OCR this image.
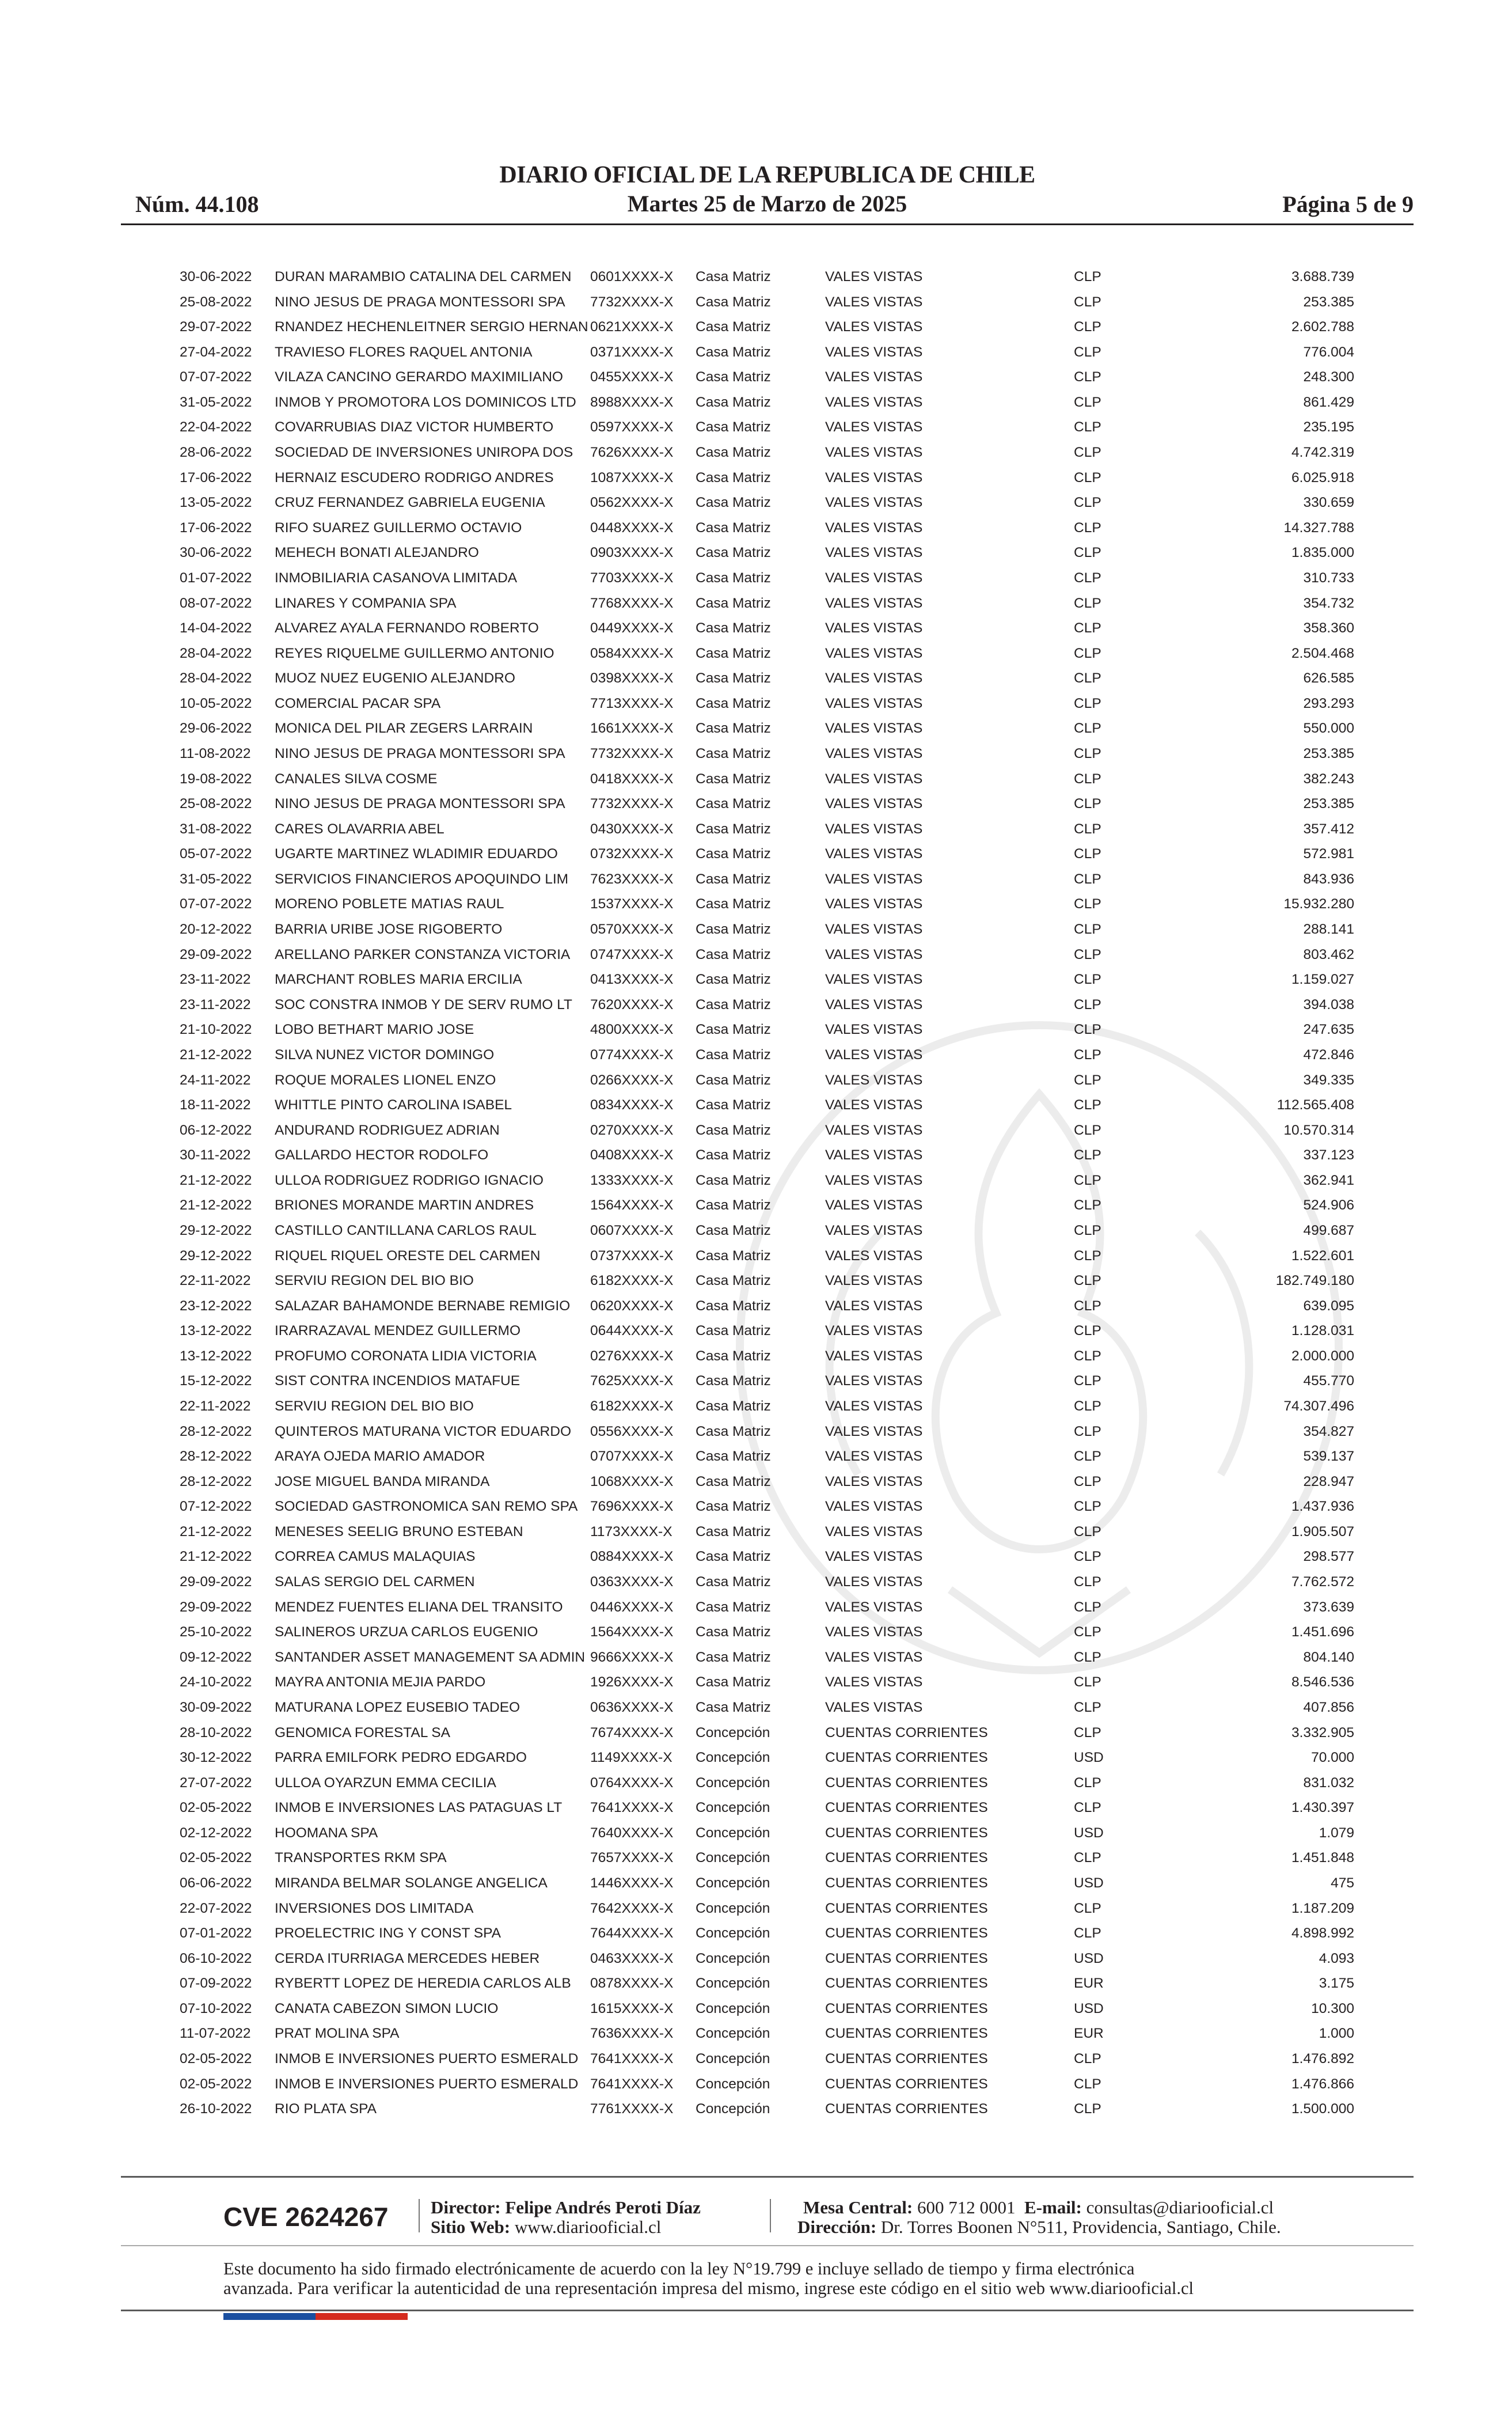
Núm. 44.108
DIARIO OFICIAL DE LA REPUBLICA DE CHILE
Martes 25 de Marzo de 2025	Página 5 de 9
30-06-2022 DURAN MARAMBIO CATALINA DEL CARMEN 0601XXXX-X Casa Matriz	VALES VISTAS	CLP	3.688.739
25-08-2022 NINO JESUS DE PRAGA MONTESSORI SPA 7732XXXX-X Casa Matriz	VALES VISTAS	CLP	253.385
29-07-2022 RNANDEZ HECHENLEITNER SERGIO HERNAN 0621XXXX-X Casa Matriz	VALES VISTAS	CLP	2.602.788
27-04-2022 TRAVIESO FLORES RAQUEL ANTONIA	0371XXXX-X Casa Matriz	VALES VISTAS	CLP	776.004
07-07-2022 VILAZA CANCINO GERARDO MAXIMILIANO 0455XXXX-X Casa Matriz	VALES VISTAS	CLP	248.300
31-05-2022 INMOB Y PROMOTORA LOS DOMINICOS LTD 8988XXXX-X Casa Matriz	VALES VISTAS	CLP	861.429
22-04-2022 COVARRUBIAS DIAZ VICTOR HUMBERTO	0597XXXX-X Casa Matriz	VALES VISTAS	CLP	235.195
28-06-2022 SOCIEDAD DE INVERSIONES UNIROPA DOS 7626XXXX-X Casa Matriz	VALES VISTAS	CLP	4.742.319
17-06-2022 HERNAIZ ESCUDERO RODRIGO ANDRES	1087XXXX-X Casa Matriz	VALES VISTAS	CLP	6.025.918
13-05-2022 CRUZ FERNANDEZ GABRIELA EUGENIA	0562XXXX-X Casa Matriz	VALES VISTAS	CLP	330.659
17-06-2022 RIFO SUAREZ GUILLERMO OCTAVIO	0448XXXX-X Casa Matriz	VALES VISTAS	CLP	14.327.788
30-06-2022 MEHECH BONATI ALEJANDRO	0903XXXX-X Casa Matriz	VALES VISTAS	CLP	1.835.000
01-07-2022 INMOBILIARIA CASANOVA LIMITADA	7703XXXX-X Casa Matriz	VALES VISTAS	CLP	310.733
08-07-2022 LINARES Y COMPANIA SPA	7768XXXX-X Casa Matriz	VALES VISTAS	CLP	354.732
14-04-2022 ALVAREZ AYALA FERNANDO ROBERTO	0449XXXX-X Casa Matriz	VALES VISTAS	CLP	358.360
28-04-2022 REYES RIQUELME GUILLERMO ANTONIO	0584XXXX-X Casa Matriz	VALES VISTAS	CLP	2.504.468
28-04-2022 MUOZ NUEZ EUGENIO ALEJANDRO	0398XXXX-X Casa Matriz	VALES VISTAS	CLP	626.585
10-05-2022 COMERCIAL PACAR SPA	7713XXXX-X Casa Matriz	VALES VISTAS	CLP	293.293
29-06-2022 MONICA DEL PILAR ZEGERS LARRAIN	1661XXXX-X Casa Matriz	VALES VISTAS	CLP	550.000
11-08-2022 NINO JESUS DE PRAGA MONTESSORI SPA 7732XXXX-X Casa Matriz	VALES VISTAS	CLP	253.385
19-08-2022 CANALES SILVA COSME	0418XXXX-X Casa Matriz	VALES VISTAS	CLP	382.243
25-08-2022 NINO JESUS DE PRAGA MONTESSORI SPA 7732XXXX-X Casa Matriz	VALES VISTAS	CLP	253.385
31-08-2022 CARES OLAVARRIA ABEL	0430XXXX-X Casa Matriz	VALES VISTAS	CLP	357.412
05-07-2022 UGARTE MARTINEZ WLADIMIR EDUARDO 0732XXXX-X Casa Matriz	VALES VISTAS	CLP	572.981
31-05-2022 SERVICIOS FINANCIEROS APOQUINDO LIM 7623XXXX-X Casa Matriz	VALES VISTAS	CLP	843.936
07-07-2022 MORENO POBLETE MATIAS RAUL	1537XXXX-X Casa Matriz	VALES VISTAS	CLP	15.932.280
20-12-2022 BARRIA URIBE JOSE RIGOBERTO	0570XXXX-X Casa Matriz	VALES VISTAS	CLP	288.141
29-09-2022 ARELLANO PARKER CONSTANZA VICTORIA 0747XXXX-X Casa Matriz	VALES VISTAS	CLP	803.462
23-11-2022 MARCHANT ROBLES MARIA ERCILIA	0413XXXX-X Casa Matriz	VALES VISTAS	CLP	1.159.027
23-11-2022 SOC CONSTRA INMOB Y DE SERV RUMO LT 7620XXXX-X Casa Matriz	VALES VISTAS	CLP	394.038
21-10-2022 LOBO BETHART MARIO JOSE	4800XXXX-X Casa Matriz	VALES VISTAS	CLP	247.635
21-12-2022 SILVA NUNEZ VICTOR DOMINGO	0774XXXX-X Casa Matriz	VALES VISTAS	CLP	472.846
24-11-2022 ROQUE MORALES LIONEL ENZO	0266XXXX-X Casa Matriz	VALES VISTAS	CLP	349.335
18-11-2022 WHITTLE PINTO CAROLINA ISABEL	0834XXXX-X Casa Matriz	VALES VISTAS	CLP	112.565.408
06-12-2022 ANDURAND RODRIGUEZ ADRIAN	0270XXXX-X Casa Matriz	VALES VISTAS	CLP	10.570.314
30-11-2022 GALLARDO HECTOR RODOLFO	0408XXXX-X Casa Matriz	VALES VISTAS	CLP	337.123
21-12-2022 ULLOA RODRIGUEZ RODRIGO IGNACIO	1333XXXX-X Casa Matriz	VALES VISTAS	CLP	362.941
21-12-2022 BRIONES MORANDE MARTIN ANDRES	1564XXXX-X Casa Matriz	VALES VISTAS	CLP	524.906
29-12-2022 CASTILLO CANTILLANA CARLOS RAUL	0607XXXX-X Casa Matriz	VALES VISTAS	CLP	499.687
29-12-2022 RIQUEL RIQUEL ORESTE DEL CARMEN	0737XXXX-X Casa Matriz	VALES VISTAS	CLP	1.522.601
22-11-2022 SERVIU REGION DEL BIO BIO	6182XXXX-X Casa Matriz	VALES VISTAS	CLP	182.749.180
23-12-2022 SALAZAR BAHAMONDE BERNABE REMIGIO 0620XXXX-X Casa Matriz	VALES VISTAS	CLP	639.095
13-12-2022 IRARRAZAVAL MENDEZ GUILLERMO	0644XXXX-X Casa Matriz	VALES VISTAS	CLP	1.128.031
13-12-2022 PROFUMO CORONATA LIDIA VICTORIA	0276XXXX-X Casa Matriz	VALES VISTAS	CLP	2.000.000
15-12-2022 SIST CONTRA INCENDIOS MATAFUE	7625XXXX-X Casa Matriz	VALES VISTAS	CLP	455.770
22-11-2022 SERVIU REGION DEL BIO BIO	6182XXXX-X Casa Matriz	VALES VISTAS	CLP	74.307.496
28-12-2022 QUINTEROS MATURANA VICTOR EDUARDO 0556XXXX-X Casa Matriz	VALES VISTAS	CLP	354.827
28-12-2022 ARAYA OJEDA MARIO AMADOR	0707XXXX-X Casa Matriz	VALES VISTAS	CLP	539.137
28-12-2022 JOSE MIGUEL BANDA MIRANDA	1068XXXX-X Casa Matriz	VALES VISTAS	CLP	228.947
07-12-2022 SOCIEDAD GASTRONOMICA SAN REMO SPA 7696XXXX-X Casa Matriz	VALES VISTAS	CLP	1.437.936
21-12-2022 MENESES SEELIG BRUNO ESTEBAN	1173XXXX-X Casa Matriz	VALES VISTAS	CLP	1.905.507
21-12-2022 CORREA CAMUS MALAQUIAS	0884XXXX-X Casa Matriz	VALES VISTAS	CLP	298.577
29-09-2022 SALAS SERGIO DEL CARMEN	0363XXXX-X Casa Matriz	VALES VISTAS	CLP	7.762.572
29-09-2022 MENDEZ FUENTES ELIANA DEL TRANSITO 0446XXXX-X Casa Matriz	VALES VISTAS	CLP	373.639
25-10-2022 SALINEROS URZUA CARLOS EUGENIO	1564XXXX-X Casa Matriz	VALES VISTAS	CLP	1.451.696
09-12-2022 SANTANDER ASSET MANAGEMENT SA ADMIN 9666XXXX-X Casa Matriz	VALES VISTAS	CLP	804.140
24-10-2022 MAYRA ANTONIA MEJIA PARDO	1926XXXX-X Casa Matriz	VALES VISTAS	CLP	8.546.536
30-09-2022 MATURANA LOPEZ EUSEBIO TADEO	0636XXXX-X Casa Matriz	VALES VISTAS	CLP	407.856
28-10-2022 GENOMICA FORESTAL SA	7674XXXX-X Concepción	CUENTAS CORRIENTES	CLP	3.332.905
30-12-2022 PARRA EMILFORK PEDRO EDGARDO	1149XXXX-X Concepción	CUENTAS CORRIENTES	USD	70.000
27-07-2022 ULLOA OYARZUN EMMA CECILIA	0764XXXX-X Concepción	CUENTAS CORRIENTES	CLP	831.032
02-05-2022 INMOB E INVERSIONES LAS PATAGUAS LT 7641XXXX-X Concepción	CUENTAS CORRIENTES	CLP	1.430.397
02-12-2022 HOOMANA SPA	7640XXXX-X Concepción	CUENTAS CORRIENTES	USD	1.079
02-05-2022 TRANSPORTES RKM SPA	7657XXXX-X Concepción	CUENTAS CORRIENTES	CLP	1.451.848
06-06-2022 MIRANDA BELMAR SOLANGE ANGELICA	1446XXXX-X Concepción	CUENTAS CORRIENTES	USD	475
22-07-2022 INVERSIONES DOS LIMITADA	7642XXXX-X Concepción	CUENTAS CORRIENTES	CLP	1.187.209
07-01-2022 PROELECTRIC ING Y CONST SPA	7644XXXX-X Concepción	CUENTAS CORRIENTES	CLP	4.898.992
06-10-2022 CERDA ITURRIAGA MERCEDES HEBER	0463XXXX-X Concepción	CUENTAS CORRIENTES	USD	4.093
07-09-2022 RYBERTT LOPEZ DE HEREDIA CARLOS ALB 0878XXXX-X Concepción	CUENTAS CORRIENTES	EUR	3.175
07-10-2022 CANATA CABEZON SIMON LUCIO	1615XXXX-X Concepción	CUENTAS CORRIENTES	USD	10.300
11-07-2022 PRAT MOLINA SPA	7636XXXX-X Concepción	CUENTAS CORRIENTES	EUR	1.000
02-05-2022 INMOB E INVERSIONES PUERTO ESMERALD 7641XXXX-X Concepción	CUENTAS CORRIENTES	CLP	1.476.892
02-05-2022 INMOB E INVERSIONES PUERTO ESMERALD 7641XXXX-X Concepción	CUENTAS CORRIENTES	CLP	1.476.866
26-10-2022 RIO PLATA SPA	7761XXXX-X Concepción	CUENTAS CORRIENTES	CLP	1.500.000
CVE 2624267 Director: Felipe Andrés Peroti Díaz
Sitio Web: www.diariooficial.cl
Mesa Central: 600 712 0001 E-mail: consultas@diariooficial.cl
Dirección: Dr. Torres Boonen N°511, Providencia, Santiago, Chile.
Este documento ha sido firmado electrónicamente de acuerdo con la ley N°19.799 e incluye sellado de tiempo y firma electrónica
avanzada. Para verificar la autenticidad de una representación impresa del mismo, ingrese este código en el sitio web www.diariooficial.cl
